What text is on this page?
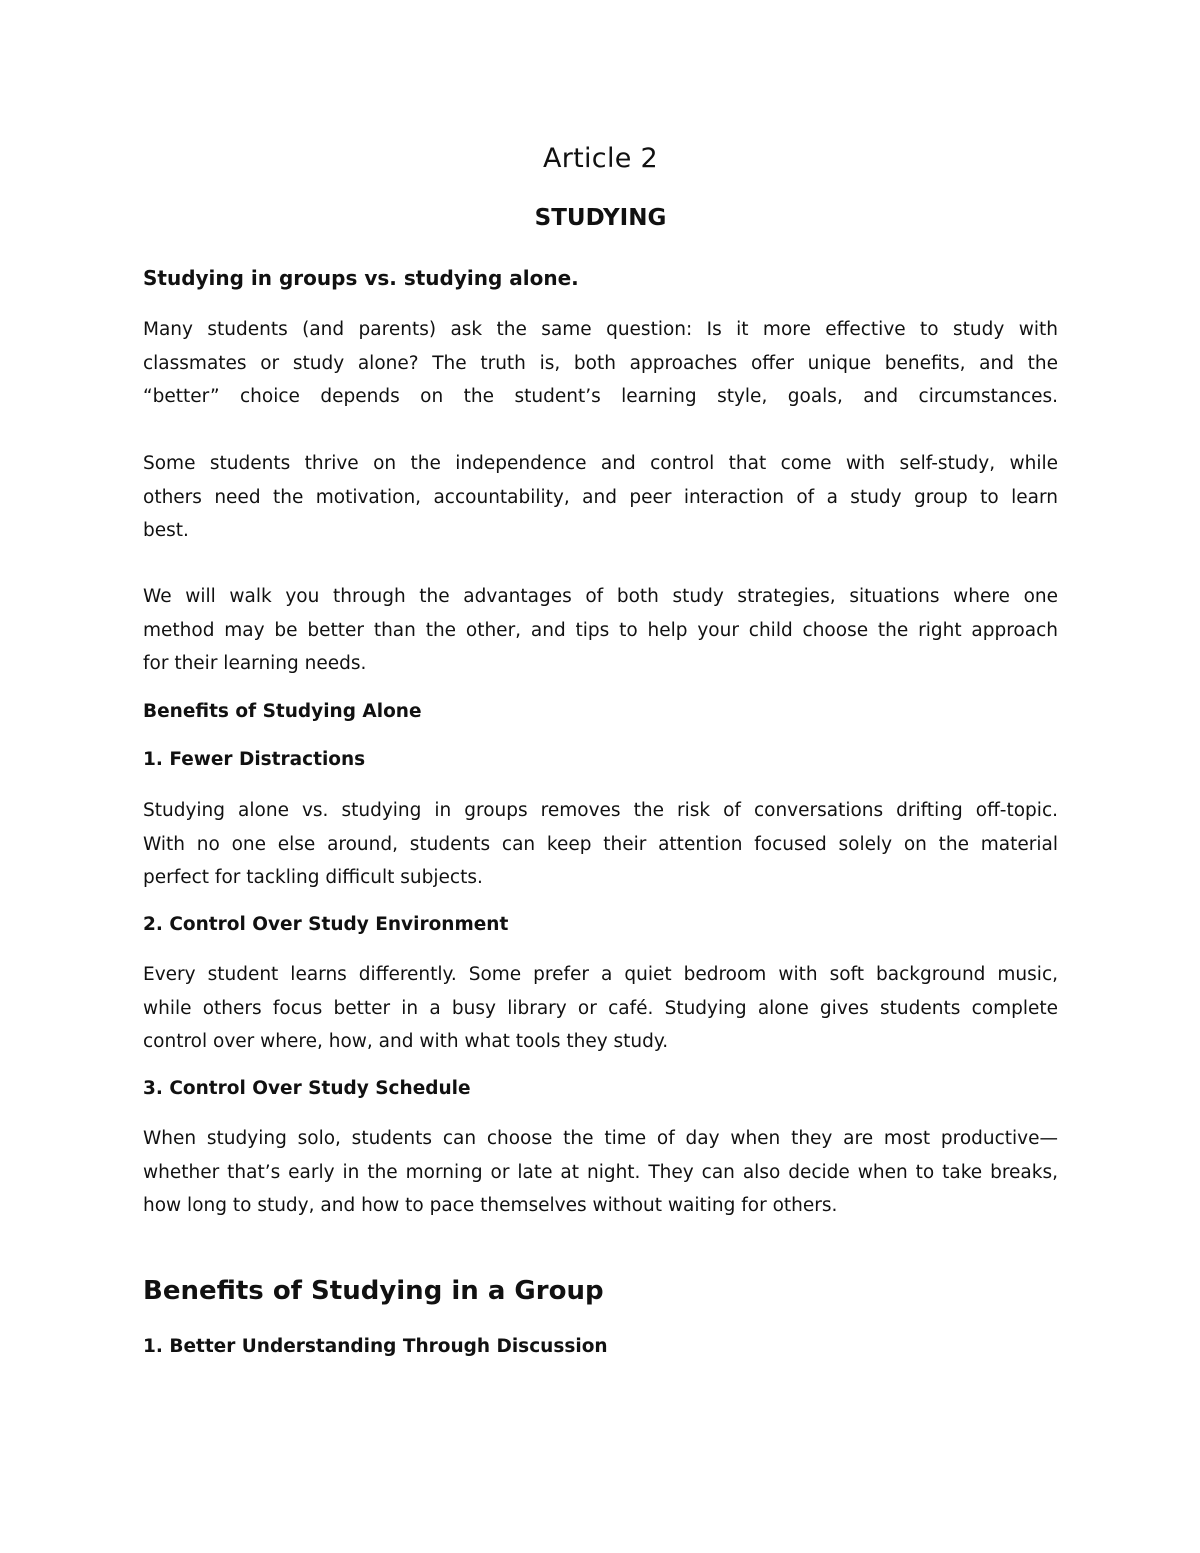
Article 2
STUDYING
Studying in groups vs. studying alone.

Many students (and parents) ask the same question: Is it more effective to study with
classmates or study alone? The truth is, both approaches offer unique benefits, and the
“better” choice depends on the student’s learning style, goals, and circumstances.

Some students thrive on the independence and control that come with self-study, while
others need the motivation, accountability, and peer interaction of a study group to learn
best.

We will walk you through the advantages of both study strategies, situations where one
method may be better than the other, and tips to help your child choose the right approach
for their learning needs.

Benefits of Studying Alone
1. Fewer Distractions

Studying alone vs. studying in groups removes the risk of conversations drifting off-topic.
With no one else around, students can keep their attention focused solely on the material
perfect for tackling difficult subjects.

2. Control Over Study Environment

Every student learns differently. Some prefer a quiet bedroom with soft background music,
while others focus better in a busy library or café. Studying alone gives students complete
control over where, how, and with what tools they study.

3. Control Over Study Schedule

When studying solo, students can choose the time of day when they are most productive—
whether that’s early in the morning or late at night. They can also decide when to take breaks,
how long to study, and how to pace themselves without waiting for others.

Benefits of Studying in a Group
1. Better Understanding Through Discussion
